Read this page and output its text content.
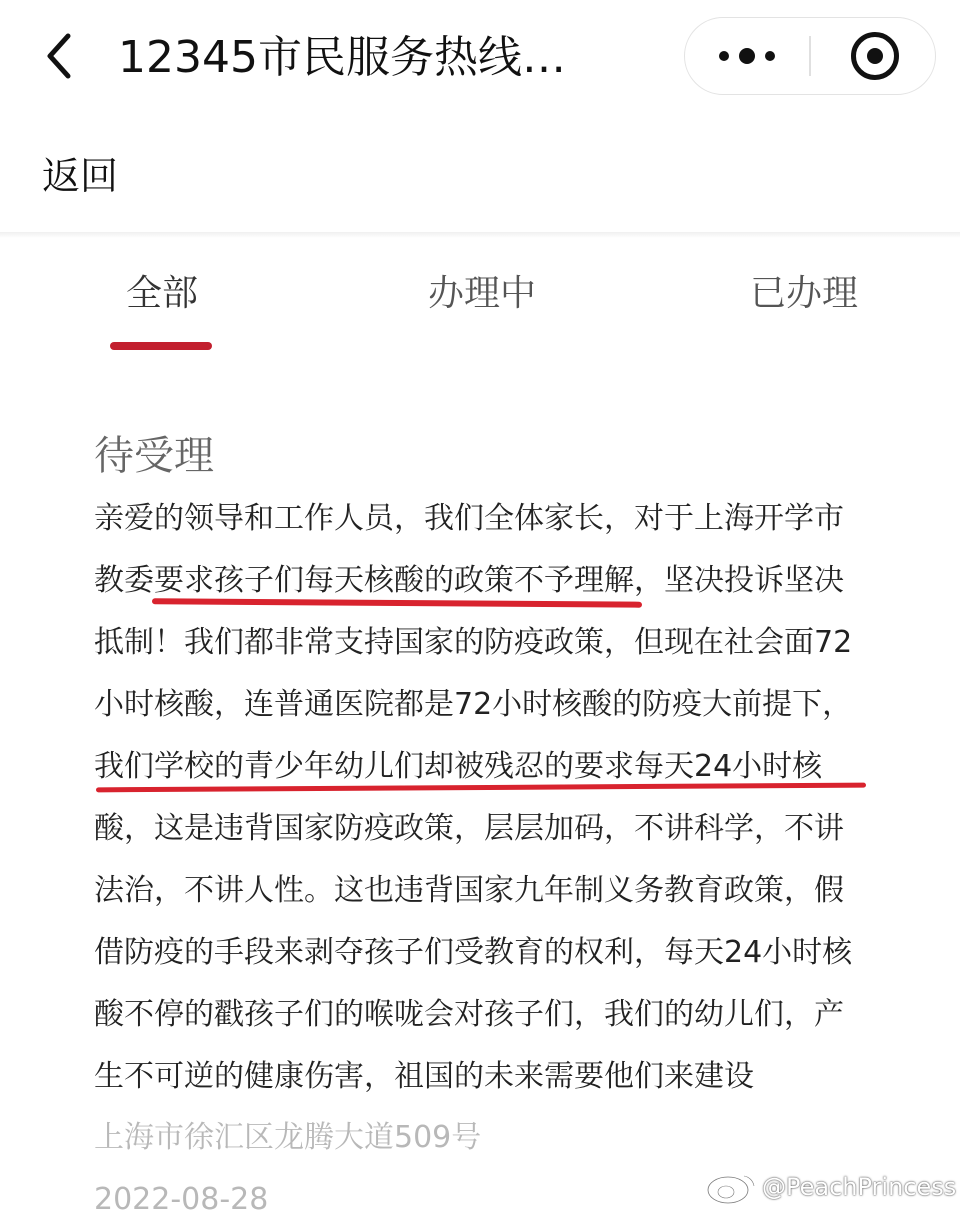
12345市民服务热线…
返回
全部	办理中	已办理
待受理
亲爱的领导和工作人员，我们全体家长，对于上海开学市
教委要求孩子们每天核酸的政策不予理解，坚决投诉坚决
抵制！我们都非常支持国家的防疫政策，但现在社会面72
小时核酸，连普通医院都是72小时核酸的防疫大前提下，
我们学校的青少年幼儿们却被残忍的要求每天24小时核
酸，这是违背国家防疫政策，层层加码，不讲科学，不讲
法治，不讲人性。这也违背国家九年制义务教育政策，假
借防疫的手段来剥夺孩子们受教育的权利，每天24小时核
酸不停的戳孩子们的喉咙会对孩子们，我们的幼儿们，产
生不可逆的健康伤害，祖国的未来需要他们来建设
上海市徐汇区龙腾大道509号
2022-08-28	@PeachPrincess
